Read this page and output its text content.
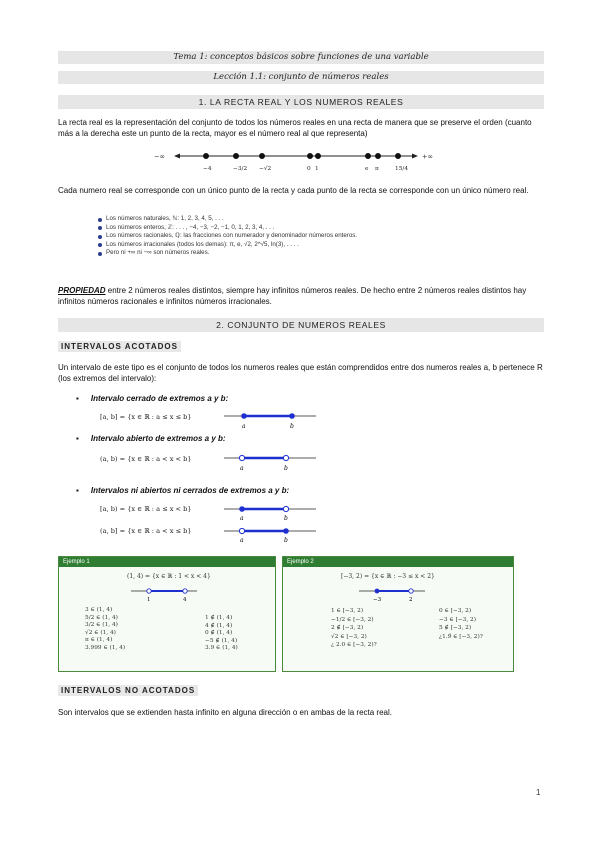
Tema 1: conceptos básicos sobre funciones de una variable
Lección 1.1: conjunto de números reales
1. LA RECTA REAL Y LOS NUMEROS REALES
La recta real es la representación del conjunto de todos los números reales en una recta de manera que se preserve el orden (cuanto más a la derecha este un punto de la recta, mayor es el número real al que representa)
−∞	+∞
−4	−3/2 −√2	0 1	e π	15/4
Cada numero real se corresponde con un único punto de la recta y cada punto de la recta se corresponde con un único número real.
Los números naturales, ℕ: 1, 2, 3, 4, 5, . . .
Los números enteros, ℤ: . . . , −4, −3, −2, −1, 0, 1, 2, 3, 4, . . .
Los números racionales, ℚ: las fracciones con numerador y denominador números enteros.
Los números irracionales (todos los demas): π, e, √2, 2^√5, ln(3), . . . .
Pero ni +∞ ni −∞ son números reales.
PROPIEDAD entre 2 números reales distintos, siempre hay infinitos números reales. De hecho entre 2 números reales distintos hay infinitos números racionales e infinitos números irracionales.
2. CONJUNTO DE NUMEROS REALES
INTERVALOS ACOTADOS
Un intervalo de este tipo es el conjunto de todos los numeros reales que están comprendidos entre dos numeros reales a, b pertenece R (los extremos del intervalo):
▪ Intervalo cerrado de extremos a y b:
[a, b] = {x ∈ ℝ : a ≤ x ≤ b}
a	b
▪ Intervalo abierto de extremos a y b:
(a, b) = {x ∈ ℝ : a < x < b}
a	b
▪ Intervalos ni abiertos ni cerrados de extremos a y b:
[a, b) = {x ∈ ℝ : a ≤ x < b}
a	b
(a, b] = {x ∈ ℝ : a < x ≤ b}
a	b
Ejemplo 1
(1, 4) = {x ∈ ℝ : 1 < x < 4}
1	4
3 ∈ (1, 4)
5/2 ∈ (1, 4)
3/2 ∈ (1, 4)
√2 ∈ (1, 4)
π ∈ (1, 4)
3.999 ∈ (1, 4)
1 ∉ (1, 4)
4 ∉ (1, 4)
0 ∉ (1, 4)
−5 ∉ (1, 4)
3.9 ∈ (1, 4)
Ejemplo 2
[−3, 2) = {x ∈ ℝ : −3 ≤ x < 2}
−3	2
1 ∈ [−3, 2)
−1/2 ∈ [−3, 2)
2 ∉ [−3, 2)
√2 ∈ [−3, 2)
¿ 2.0 ∈ [−3, 2)?
0 ∈ [−3, 2)
−3 ∈ [−3, 2)
5 ∉ [−3, 2)
¿1.9̂ ∈ [−3, 2)?
INTERVALOS NO ACOTADOS
Son intervalos que se extienden hasta infinito en alguna dirección o en ambas de la recta real.
1
